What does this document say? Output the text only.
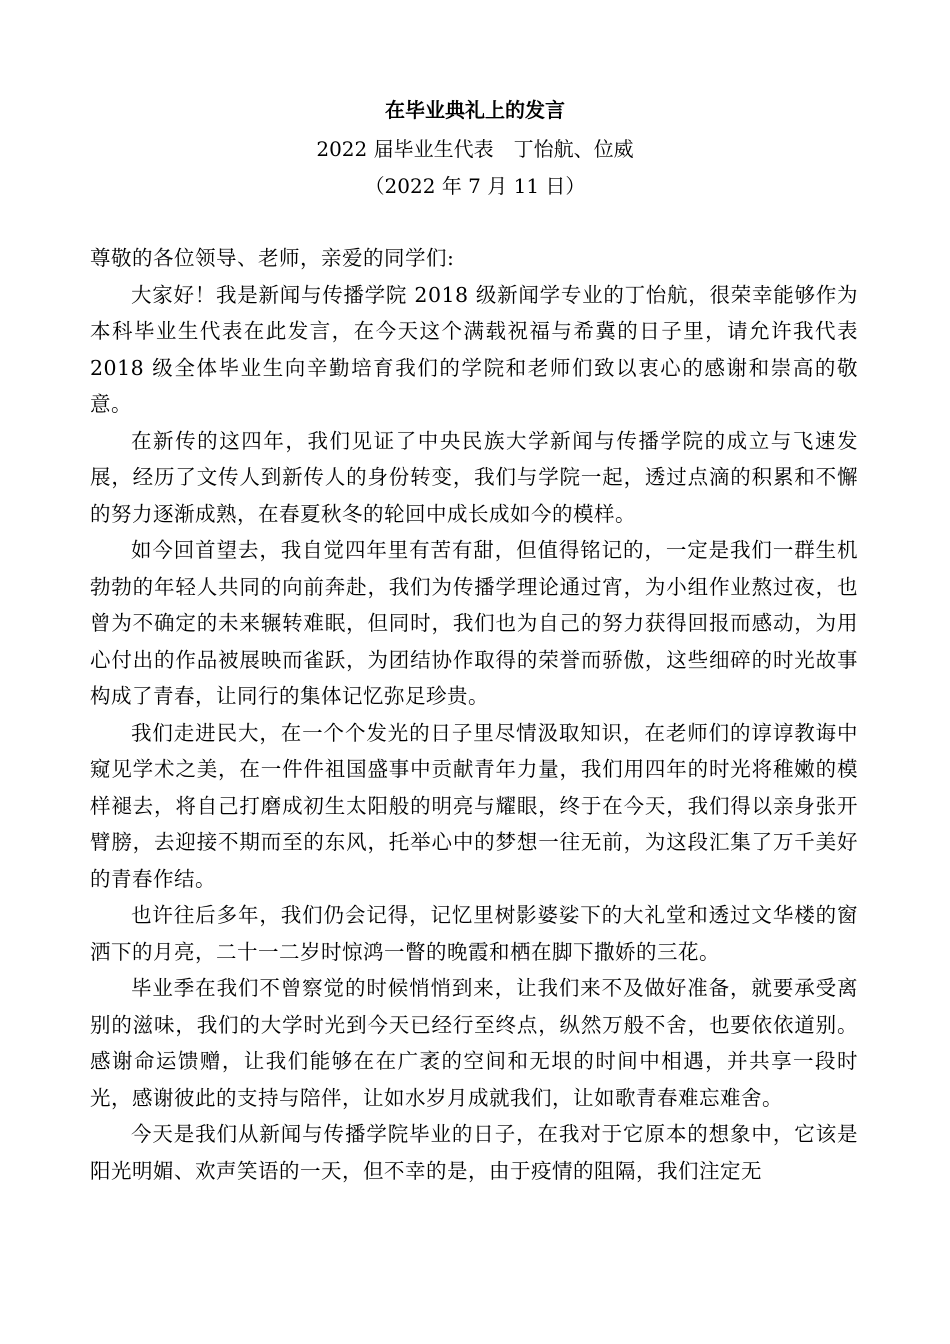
在毕业典礼上的发言
2022 届毕业生代表　丁怡航、位威
（2022 年 7 月 11 日）

尊敬的各位领导、老师，亲爱的同学们:

大家好！我是新闻与传播学院 2018 级新闻学专业的丁怡航，很荣幸能够作为本科毕业生代表在此发言，在今天这个满载祝福与希冀的日子里，请允许我代表 2018 级全体毕业生向辛勤培育我们的学院和老师们致以衷心的感谢和崇高的敬意。

在新传的这四年，我们见证了中央民族大学新闻与传播学院的成立与飞速发展，经历了文传人到新传人的身份转变，我们与学院一起，透过点滴的积累和不懈的努力逐渐成熟，在春夏秋冬的轮回中成长成如今的模样。

如今回首望去，我自觉四年里有苦有甜，但值得铭记的，一定是我们一群生机勃勃的年轻人共同的向前奔赴，我们为传播学理论通过宵，为小组作业熬过夜，也曾为不确定的未来辗转难眠，但同时，我们也为自己的努力获得回报而感动，为用心付出的作品被展映而雀跃，为团结协作取得的荣誉而骄傲，这些细碎的时光故事构成了青春，让同行的集体记忆弥足珍贵。

我们走进民大，在一个个发光的日子里尽情汲取知识，在老师们的谆谆教诲中窥见学术之美，在一件件祖国盛事中贡献青年力量，我们用四年的时光将稚嫩的模样褪去，将自己打磨成初生太阳般的明亮与耀眼，终于在今天，我们得以亲身张开臂膀，去迎接不期而至的东风，托举心中的梦想一往无前，为这段汇集了万千美好的青春作结。

也许往后多年，我们仍会记得，记忆里树影婆娑下的大礼堂和透过文华楼的窗洒下的月亮，二十一二岁时惊鸿一瞥的晚霞和栖在脚下撒娇的三花。

毕业季在我们不曾察觉的时候悄悄到来，让我们来不及做好准备，就要承受离别的滋味，我们的大学时光到今天已经行至终点，纵然万般不舍，也要依依道别。感谢命运馈赠，让我们能够在在广袤的空间和无垠的时间中相遇，并共享一段时光，感谢彼此的支持与陪伴，让如水岁月成就我们，让如歌青春难忘难舍。

今天是我们从新闻与传播学院毕业的日子，在我对于它原本的想象中，它该是阳光明媚、欢声笑语的一天，但不幸的是，由于疫情的阻隔，我们注定无
